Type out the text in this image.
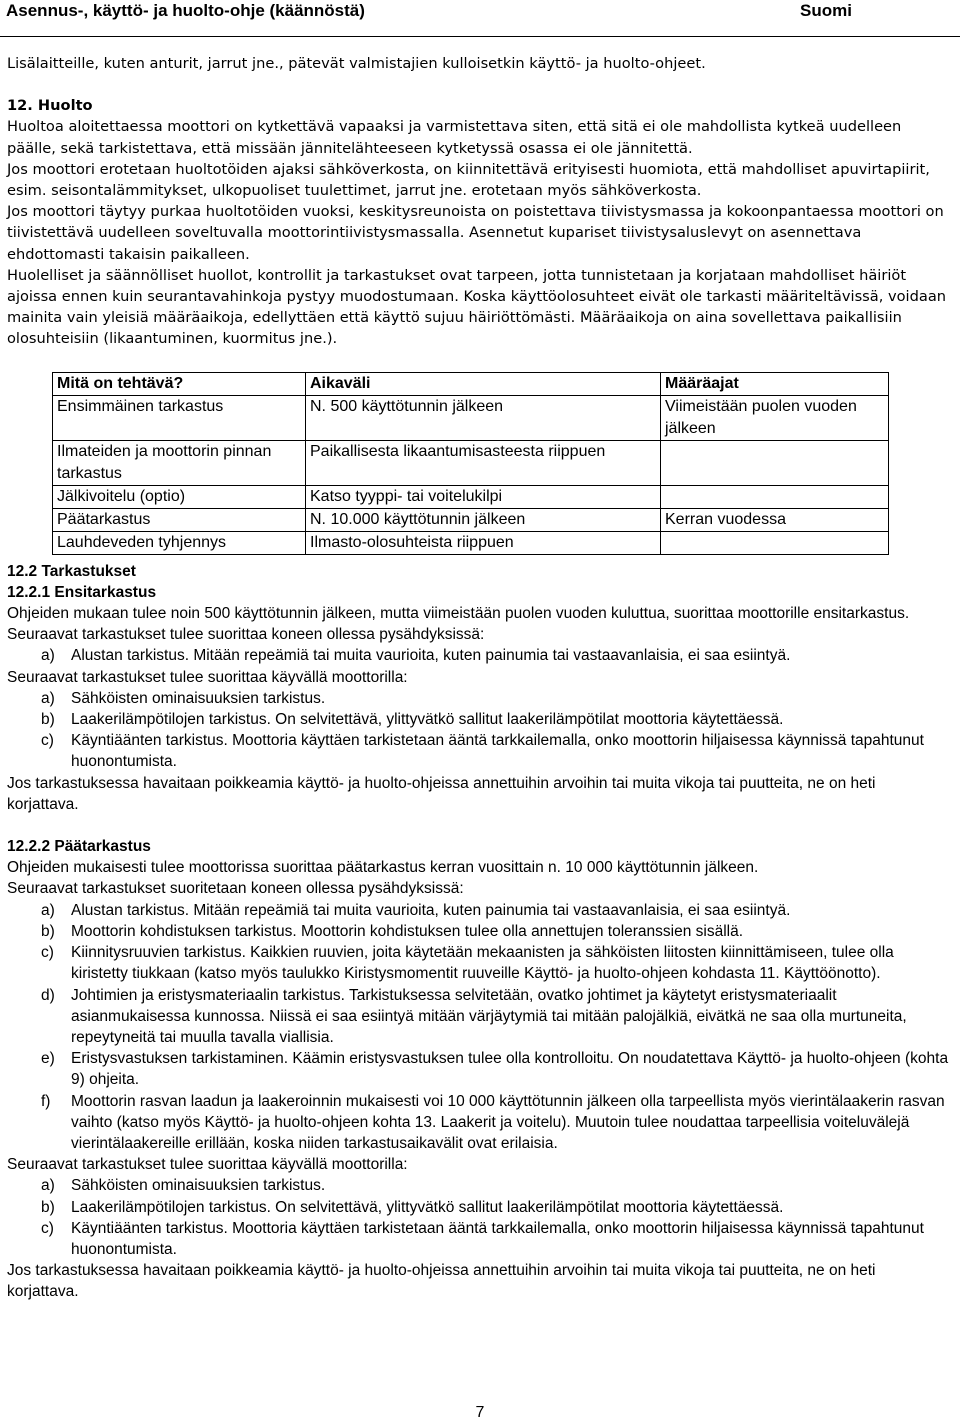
Asennus-, käyttö- ja huolto-ohje (käännöstä)	Suomi

Lisälaitteille, kuten anturit, jarrut jne., pätevät valmistajien kulloisetkin käyttö- ja huolto-ohjeet.

12. Huolto

Huoltoa aloitettaessa moottori on kytkettävä vapaaksi ja varmistettava siten, että sitä ei ole mahdollista kytkeä uudelleen päälle, sekä tarkistettava, että missään jännitelähteeseen kytketyssä osassa ei ole jännitettä.

Jos moottori erotetaan huoltotöiden ajaksi sähköverkosta, on kiinnitettävä erityisesti huomiota, että mahdolliset apuvirtapiirit, esim. seisontalämmitykset, ulkopuoliset tuulettimet, jarrut jne. erotetaan myös sähköverkosta.

Jos moottori täytyy purkaa huoltotöiden vuoksi, keskitysreunoista on poistettava tiivistysmassa ja kokoonpantaessa moottori on tiivistettävä uudelleen soveltuvalla moottorintiivistysmassalla. Asennetut kupariset tiivistysaluslevyt on asennettava ehdottomasti takaisin paikalleen.

Huolelliset ja säännölliset huollot, kontrollit ja tarkastukset ovat tarpeen, jotta tunnistetaan ja korjataan mahdolliset häiriöt ajoissa ennen kuin seurantavahinkoja pystyy muodostumaan. Koska käyttöolosuhteet eivät ole tarkasti määriteltävissä, voidaan mainita vain yleisiä määräaikoja, edellyttäen että käyttö sujuu häiriöttömästi. Määräaikoja on aina sovellettava paikallisiin olosuhteisiin (likaantuminen, kuormitus jne.).

Mitä on tehtävä?	Aikaväli	Määräajat
Ensimmäinen tarkastus	N. 500 käyttötunnin jälkeen	Viimeistään puolen vuoden jälkeen
Ilmateiden ja moottorin pinnan tarkastus	Paikallisesta likaantumisasteesta riippuen	
Jälkivoitelu (optio)	Katso tyyppi- tai voitelukilpi	
Päätarkastus	N. 10.000 käyttötunnin jälkeen	Kerran vuodessa
Lauhdeveden tyhjennys	Ilmasto-olosuhteista riippuen	

12.2 Tarkastukset

12.2.1 Ensitarkastus

Ohjeiden mukaan tulee noin 500 käyttötunnin jälkeen, mutta viimeistään puolen vuoden kuluttua, suorittaa moottorille ensitarkastus.

Seuraavat tarkastukset tulee suorittaa koneen ollessa pysähdyksissä:

a)	Alustan tarkistus. Mitään repeämiä tai muita vaurioita, kuten painumia tai vastaavanlaisia, ei saa esiintyä.

Seuraavat tarkastukset tulee suorittaa käyvällä moottorilla:

a)	Sähköisten ominaisuuksien tarkistus.
b)	Laakerilämpötilojen tarkistus. On selvitettävä, ylittyvätkö sallitut laakerilämpötilat moottoria käytettäessä.
c)	Käyntiäänten tarkistus. Moottoria käyttäen tarkistetaan ääntä tarkkailemalla, onko moottorin hiljaisessa käynnissä tapahtunut huonontumista.

Jos tarkastuksessa havaitaan poikkeamia käyttö- ja huolto-ohjeissa annettuihin arvoihin tai muita vikoja tai puutteita, ne on heti korjattava.

12.2.2 Päätarkastus

Ohjeiden mukaisesti tulee moottorissa suorittaa päätarkastus kerran vuosittain n. 10 000 käyttötunnin jälkeen.

Seuraavat tarkastukset suoritetaan koneen ollessa pysähdyksissä:

a)	Alustan tarkistus. Mitään repeämiä tai muita vaurioita, kuten painumia tai vastaavanlaisia, ei saa esiintyä.
b)	Moottorin kohdistuksen tarkistus. Moottorin kohdistuksen tulee olla annettujen toleranssien sisällä.
c)	Kiinnitysruuvien tarkistus. Kaikkien ruuvien, joita käytetään mekaanisten ja sähköisten liitosten kiinnittämiseen, tulee olla kiristetty tiukkaan (katso myös taulukko Kiristysmomentit ruuveille Käyttö- ja huolto-ohjeen kohdasta 11. Käyttöönotto).
d)	Johtimien ja eristysmateriaalin tarkistus. Tarkistuksessa selvitetään, ovatko johtimet ja käytetyt eristysmateriaalit asianmukaisessa kunnossa. Niissä ei saa esiintyä mitään värjäytymiä tai mitään palojälkiä, eivätkä ne saa olla murtuneita, repeytyneitä tai muulla tavalla viallisia.
e)	Eristysvastuksen tarkistaminen. Käämin eristysvastuksen tulee olla kontrolloitu. On noudatettava Käyttö- ja huolto-ohjeen (kohta 9) ohjeita.
f)	Moottorin rasvan laadun ja laakeroinnin mukaisesti voi 10 000 käyttötunnin jälkeen olla tarpeellista myös vierintälaakerin rasvan vaihto (katso myös Käyttö- ja huolto-ohjeen kohta 13. Laakerit ja voitelu). Muutoin tulee noudattaa tarpeellisia voiteluvälejä vierintälaakereille erillään, koska niiden tarkastusaikavälit ovat erilaisia.

Seuraavat tarkastukset tulee suorittaa käyvällä moottorilla:

a)	Sähköisten ominaisuuksien tarkistus.
b)	Laakerilämpötilojen tarkistus. On selvitettävä, ylittyvätkö sallitut laakerilämpötilat moottoria käytettäessä.
c)	Käyntiäänten tarkistus. Moottoria käyttäen tarkistetaan ääntä tarkkailemalla, onko moottorin hiljaisessa käynnissä tapahtunut huonontumista.

Jos tarkastuksessa havaitaan poikkeamia käyttö- ja huolto-ohjeissa annettuihin arvoihin tai muita vikoja tai puutteita, ne on heti korjattava.

7
